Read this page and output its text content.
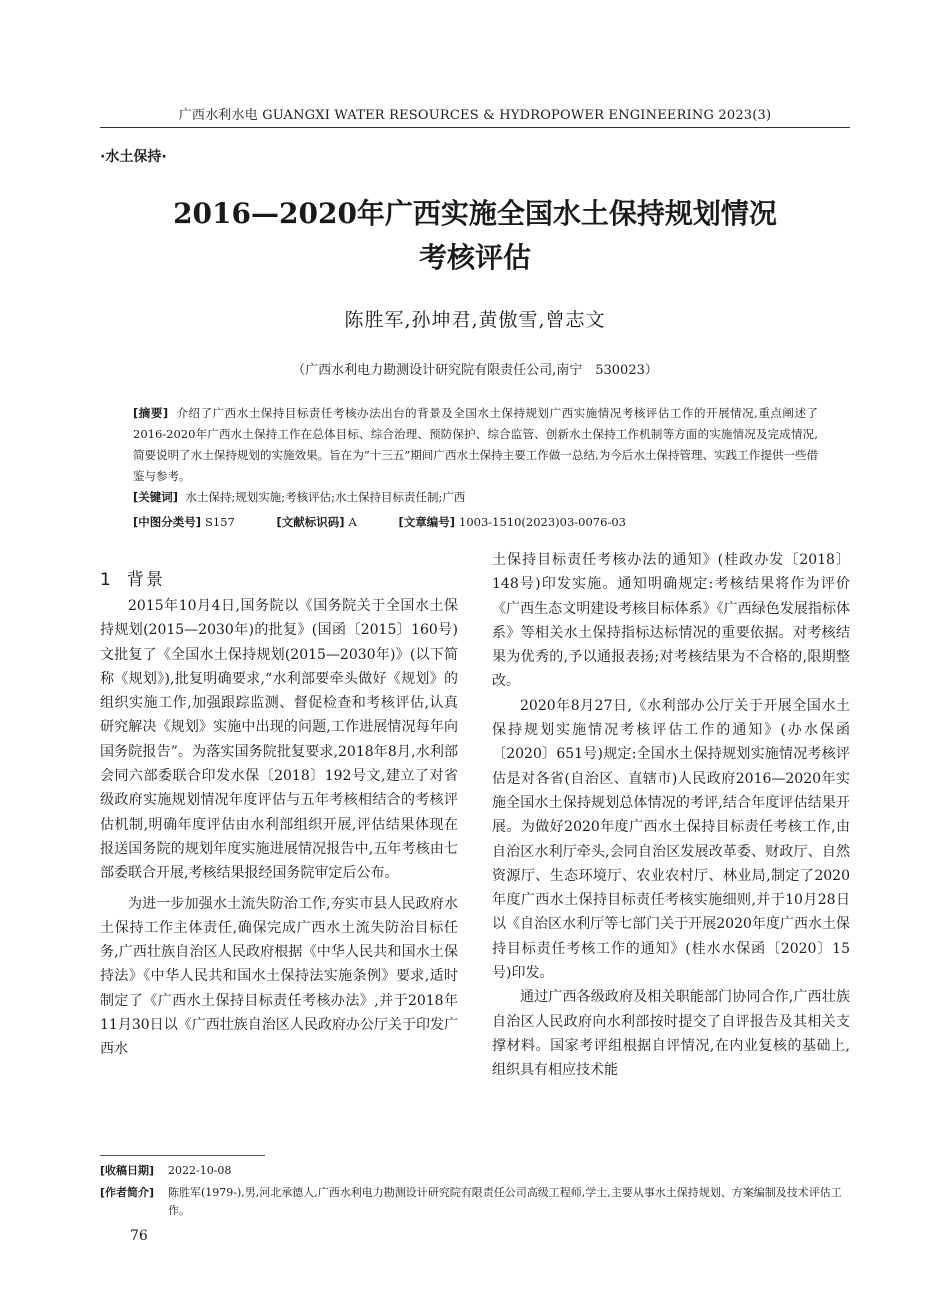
广西水利水电 GUANGXI WATER RESOURCES & HYDROPOWER ENGINEERING 2023(3)
·水土保持·
2016—2020年广西实施全国水土保持规划情况
考核评估
陈胜军,孙坤君,黄傲雪,曾志文
（广西水利电力勘测设计研究院有限责任公司,南宁　530023）
[摘要] 介绍了广西水土保持目标责任考核办法出台的背景及全国水土保持规划广西实施情况考核评估工作的开展情况,重点阐述了2016-2020年广西水土保持工作在总体目标、综合治理、预防保护、综合监管、创新水土保持工作机制等方面的实施情况及完成情况,简要说明了水土保持规划的实施效果。旨在为“十三五”期间广西水土保持主要工作做一总结,为今后水土保持管理、实践工作提供一些借鉴与参考。
[关键词] 水土保持;规划实施;考核评估;水土保持目标责任制;广西
[中图分类号] S157	[文献标识码] A	[文章编号] 1003-1510(2023)03-0076-03
1 背景

2015年10月4日,国务院以《国务院关于全国水土保持规划(2015—2030年)的批复》(国函〔2015〕160号)文批复了《全国水土保持规划(2015—2030年)》(以下简称《规划》),批复明确要求,“水利部要牵头做好《规划》的组织实施工作,加强跟踪监测、督促检查和考核评估,认真研究解决《规划》实施中出现的问题,工作进展情况每年向国务院报告”。为落实国务院批复要求,2018年8月,水利部会同六部委联合印发水保〔2018〕192号文,建立了对省级政府实施规划情况年度评估与五年考核相结合的考核评估机制,明确年度评估由水利部组织开展,评估结果体现在报送国务院的规划年度实施进展情况报告中,五年考核由七部委联合开展,考核结果报经国务院审定后公布。

为进一步加强水土流失防治工作,夯实市县人民政府水土保持工作主体责任,确保完成广西水土流失防治目标任务,广西壮族自治区人民政府根据《中华人民共和国水土保持法》《中华人民共和国水土保持法实施条例》要求,适时制定了《广西水土保持目标责任考核办法》,并于2018年11月30日以《广西壮族自治区人民政府办公厅关于印发广西水

土保持目标责任考核办法的通知》(桂政办发〔2018〕148号)印发实施。通知明确规定:考核结果将作为评价《广西生态文明建设考核目标体系》《广西绿色发展指标体系》等相关水土保持指标达标情况的重要依据。对考核结果为优秀的,予以通报表扬;对考核结果为不合格的,限期整改。

2020年8月27日,《水利部办公厅关于开展全国水土保持规划实施情况考核评估工作的通知》(办水保函〔2020〕651号)规定:全国水土保持规划实施情况考核评估是对各省(自治区、直辖市)人民政府2016—2020年实施全国水土保持规划总体情况的考评,结合年度评估结果开展。为做好2020年度广西水土保持目标责任考核工作,由自治区水利厅牵头,会同自治区发展改革委、财政厅、自然资源厅、生态环境厅、农业农村厅、林业局,制定了2020年度广西水土保持目标责任考核实施细则,并于10月28日以《自治区水利厅等七部门关于开展2020年度广西水土保持目标责任考核工作的通知》(桂水水保函〔2020〕15号)印发。

通过广西各级政府及相关职能部门协同合作,广西壮族自治区人民政府向水利部按时提交了自评报告及其相关支撑材料。国家考评组根据自评情况,在内业复核的基础上,组织具有相应技术能

[收稿日期] 2022-10-08
[作者简介] 陈胜军(1979-),男,河北承德人,广西水利电力勘测设计研究院有限责任公司高级工程师,学士,主要从事水土保持规划、方案编制及技术评估工作。
76
